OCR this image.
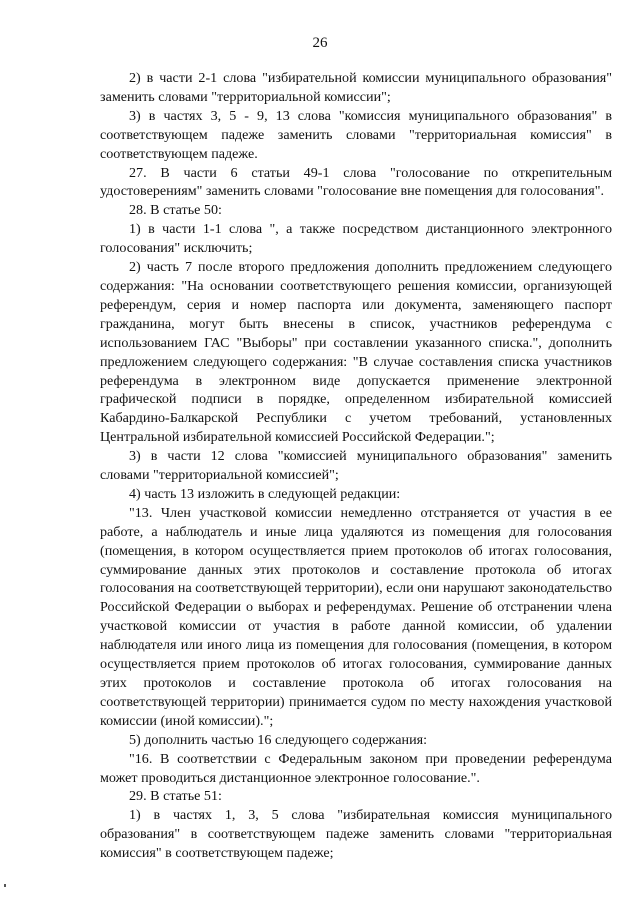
26

2) в части 2-1 слова "избирательной комиссии муниципального образования" заменить словами "территориальной комиссии";

3) в частях 3, 5 - 9, 13 слова "комиссия муниципального образования" в соответствующем падеже заменить словами "территориальная комиссия" в соответствующем падеже.

27. В части 6 статьи 49-1 слова "голосование по открепительным удостоверениям" заменить словами "голосование вне помещения для голосования".

28. В статье 50:

1) в части 1-1 слова ", а также посредством дистанционного электронного голосования" исключить;

2) часть 7 после второго предложения дополнить предложением следующего содержания: "На основании соответствующего решения комиссии, организующей референдум, серия и номер паспорта или документа, заменяющего паспорт гражданина, могут быть внесены в список, участников референдума с использованием ГАС "Выборы" при составлении указанного списка.", дополнить предложением следующего содержания: "В случае составления списка участников референдума в электронном виде допускается применение электронной графической подписи в порядке, определенном избирательной комиссией Кабардино-Балкарской Республики с учетом требований, установленных Центральной избирательной комиссией Российской Федерации.";

3) в части 12 слова "комиссией муниципального образования" заменить словами "территориальной комиссией";

4) часть 13 изложить в следующей редакции:

"13. Член участковой комиссии немедленно отстраняется от участия в ее работе, а наблюдатель и иные лица удаляются из помещения для голосования (помещения, в котором осуществляется прием протоколов об итогах голосования, суммирование данных этих протоколов и составление протокола об итогах голосования на соответствующей территории), если они нарушают законодательство Российской Федерации о выборах и референдумах. Решение об отстранении члена участковой комиссии от участия в работе данной комиссии, об удалении наблюдателя или иного лица из помещения для голосования (помещения, в котором осуществляется прием протоколов об итогах голосования, суммирование данных этих протоколов и составление протокола об итогах голосования на соответствующей территории) принимается судом по месту нахождения участковой комиссии (иной комиссии).";

5) дополнить частью 16 следующего содержания:

"16. В соответствии с Федеральным законом при проведении референдума может проводиться дистанционное электронное голосование.".

29. В статье 51:

1) в частях 1, 3, 5 слова "избирательная комиссия муниципального образования" в соответствующем падеже заменить словами "территориальная комиссия" в соответствующем падеже;
